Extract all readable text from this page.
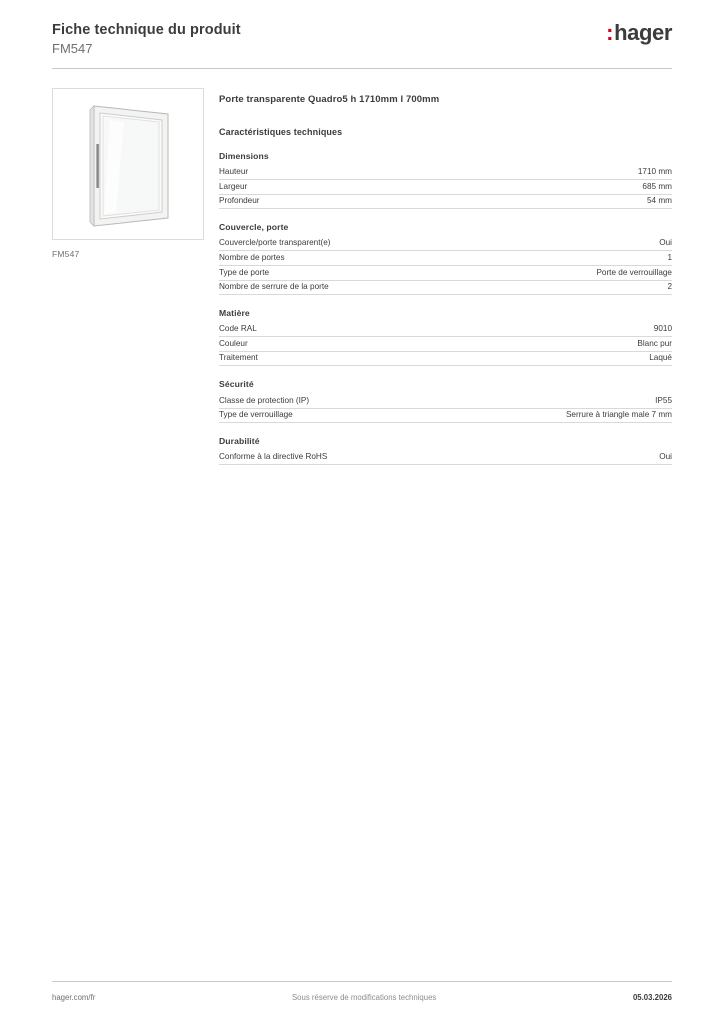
Fiche technique du produit
FM547
:hager
FM547
Porte transparente Quadro5 h 1710mm l 700mm
Caractéristiques techniques
Dimensions
Hauteur	1710 mm
Largeur	685 mm
Profondeur	54 mm
Couvercle, porte
Couvercle/porte transparent(e)	Oui
Nombre de portes	1
Type de porte	Porte de verrouillage
Nombre de serrure de la porte	2
Matière
Code RAL	9010
Couleur	Blanc pur
Traitement	Laqué
Sécurité
Classe de protection (IP)	IP55
Type de verrouillage	Serrure à triangle male 7 mm
Durabilité
Conforme à la directive RoHS	Oui
hager.com/fr	Sous réserve de modifications techniques	05.03.2026
